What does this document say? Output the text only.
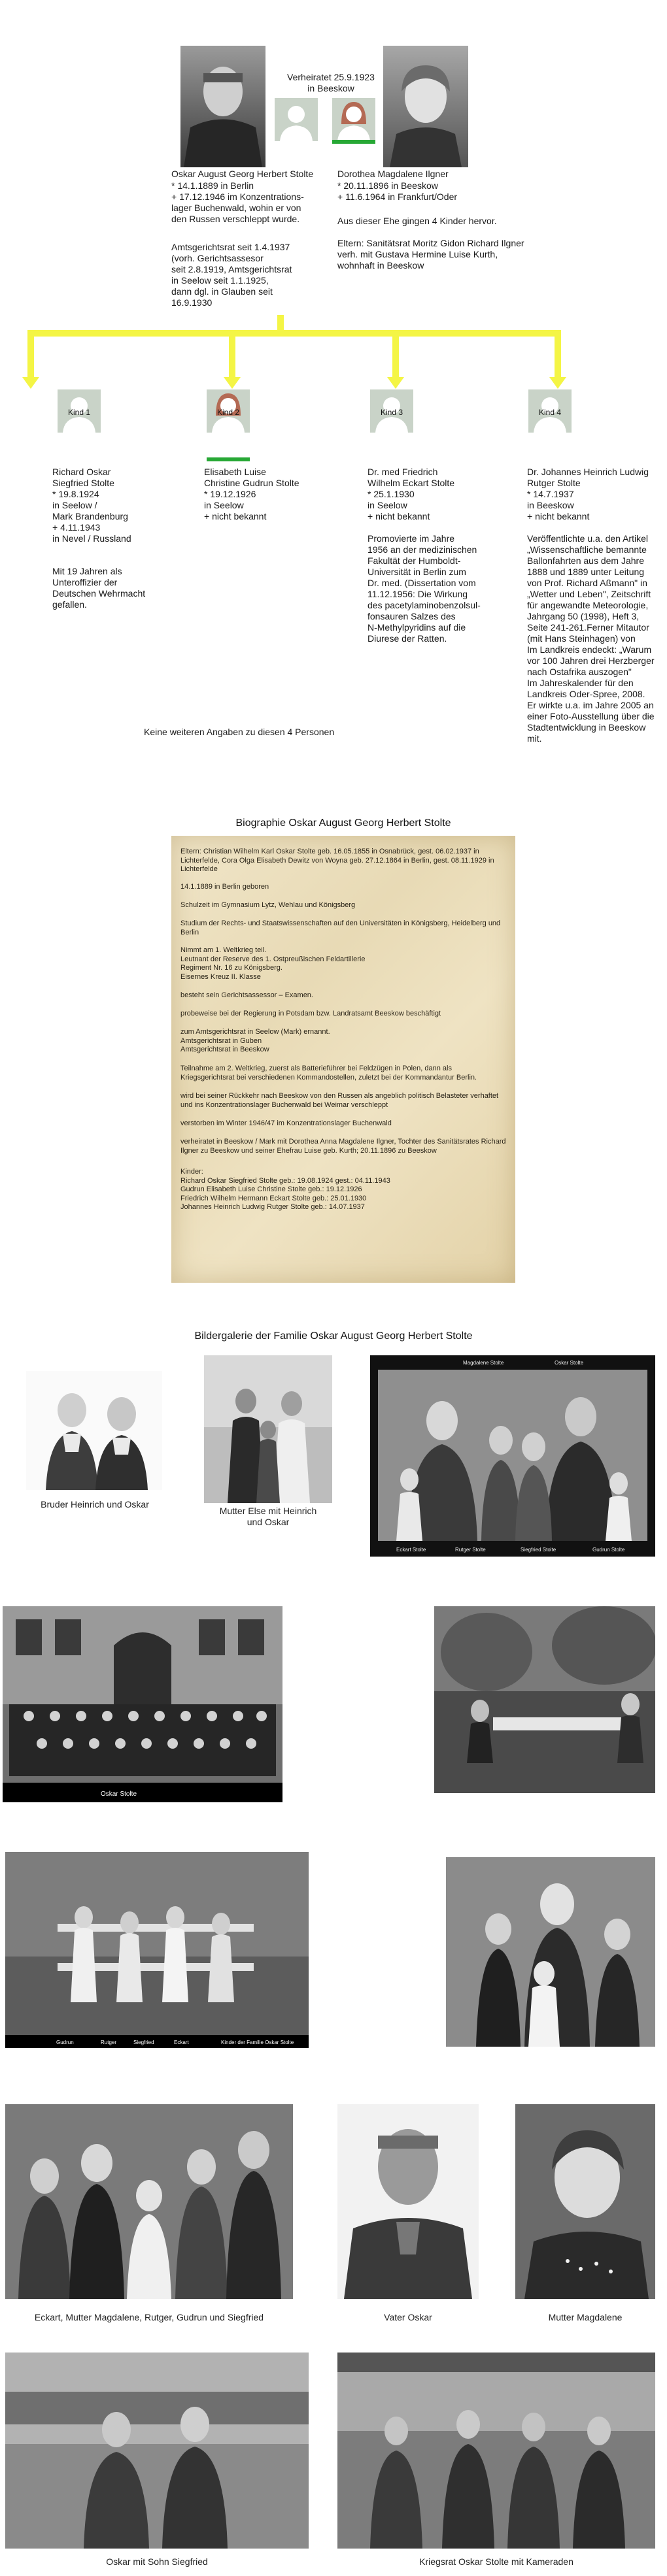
Verheiratet 25.9.1923
in Beeskow
Oskar August Georg Herbert Stolte
* 14.1.1889 in Berlin
+ 17.12.1946 im Konzentrations-
lager Buchenwald, wohin er von
den Russen verschleppt wurde.
Amtsgerichtsrat seit 1.4.1937
(vorh. Gerichtsassesor
seit 2.8.1919, Amtsgerichtsrat
in Seelow seit 1.1.1925,
dann dgl. in Glauben seit
16.9.1930
Dorothea Magdalene Ilgner
* 20.11.1896 in Beeskow
+ 11.6.1964 in Frankfurt/Oder
Aus dieser Ehe gingen 4 Kinder hervor.
Eltern: Sanitätsrat Moritz Gidon Richard Ilgner
verh. mit Gustava Hermine Luise Kurth,
wohnhaft in Beeskow
Kind 1
Richard Oskar
Siegfried Stolte
* 19.8.1924
in Seelow /
Mark Brandenburg
+ 4.11.1943
in Nevel / Russland
Mit 19 Jahren als
Unteroffizier der
Deutschen Wehrmacht
gefallen.
Kind 2
Elisabeth Luise
Christine Gudrun Stolte
* 19.12.1926
in Seelow
+ nicht bekannt
Kind 3
Dr. med Friedrich
Wilhelm Eckart Stolte
* 25.1.1930
in Seelow
+ nicht bekannt
Promovierte im Jahre
1956 an der medizinischen
Fakultät der Humboldt-
Universität in Berlin zum
Dr. med. (Dissertation vom
11.12.1956: Die Wirkung
des pacetylaminobenzolsul-
fonsauren Salzes des
N-Methylpyridins auf die
Diurese der Ratten.
Kind 4
Dr. Johannes Heinrich Ludwig
Rutger Stolte
* 14.7.1937
in Beeskow
+ nicht bekannt
Veröffentlichte u.a. den Artikel
„Wissenschaftliche bemannte
Ballonfahrten aus dem Jahre
1888 und 1889 unter Leitung
von Prof. Richard Aßmann" in
„Wetter und Leben", Zeitschrift
für angewandte Meteorologie,
Jahrgang 50 (1998), Heft 3,
Seite 241-261.Ferner Mitautor
(mit Hans Steinhagen) von
Im Landkreis endeckt: „Warum
vor 100 Jahren drei Herzberger
nach Ostafrika auszogen"
Im Jahreskalender für den
Landkreis Oder-Spree, 2008.
Er wirkte u.a. im Jahre 2005 an
einer Foto-Ausstellung über die
Stadtentwicklung in Beeskow
mit.
Keine weiteren Angaben zu diesen 4 Personen
Biographie Oskar August Georg Herbert Stolte
Eltern: Christian Wilhelm Karl Oskar Stolte geb. 16.05.1855 in Osnabrück, gest. 06.02.1937 in Lichterfelde, Cora Olga Elisabeth Dewitz von Woyna geb. 27.12.1864 in Berlin, gest. 08.11.1929 in Lichterfelde
14.1.1889 in Berlin geboren
Schulzeit im Gymnasium Lytz, Wehlau und Königsberg
Studium der Rechts- und Staatswissenschaften auf den Universitäten in Königsberg, Heidelberg und Berlin
Nimmt am 1. Weltkrieg teil.
Leutnant der Reserve des 1. Ostpreußischen Feldartillerie
Regiment Nr. 16 zu Königsberg.
Eisernes Kreuz II. Klasse
besteht sein Gerichtsassessor – Examen.
probeweise bei der Regierung in Potsdam bzw. Landratsamt Beeskow beschäftigt
zum Amtsgerichtsrat in Seelow (Mark) ernannt.
Amtsgerichtsrat in Guben
Amtsgerichtsrat in Beeskow
Teilnahme am 2. Weltkrieg, zuerst als Batterieführer bei Feldzügen in Polen, dann als Kriegsgerichtsrat bei verschiedenen Kommandostellen, zuletzt bei der Kommandantur Berlin.
wird bei seiner Rückkehr nach Beeskow von den Russen als angeblich politisch Belasteter verhaftet und ins Konzentrationslager Buchenwald bei Weimar verschleppt
verstorben im Winter 1946/47 im Konzentrationslager Buchenwald
verheiratet in Beeskow / Mark mit Dorothea Anna Magdalene Ilgner, Tochter des Sanitätsrates Richard Ilgner zu Beeskow und seiner Ehefrau Luise geb. Kurth; 20.11.1896 zu Beeskow
Kinder:
Richard Oskar Siegfried Stolte geb.: 19.08.1924 gest.: 04.11.1943
Gudrun Elisabeth Luise Christine Stolte geb.: 19.12.1926
Friedrich Wilhelm Hermann Eckart Stolte geb.: 25.01.1930
Johannes Heinrich Ludwig Rutger Stolte geb.: 14.07.1937
Bildergalerie der Familie Oskar August Georg Herbert Stolte
Bruder Heinrich und Oskar
Mutter Else mit Heinrich
und Oskar
Magdalene Stolte	Oskar Stolte
Eckart Stolte	Rutger Stolte	Siegfried Stolte	Gudrun Stolte
Oskar Stolte
Gudrun	Rutger	Siegfried	Eckart	Kinder der Familie Oskar Stolte
Eckart, Mutter Magdalene, Rutger, Gudrun und Siegfried	Vater Oskar	Mutter Magdalene
Oskar mit Sohn Siegfried	Kriegsrat Oskar Stolte mit Kameraden
